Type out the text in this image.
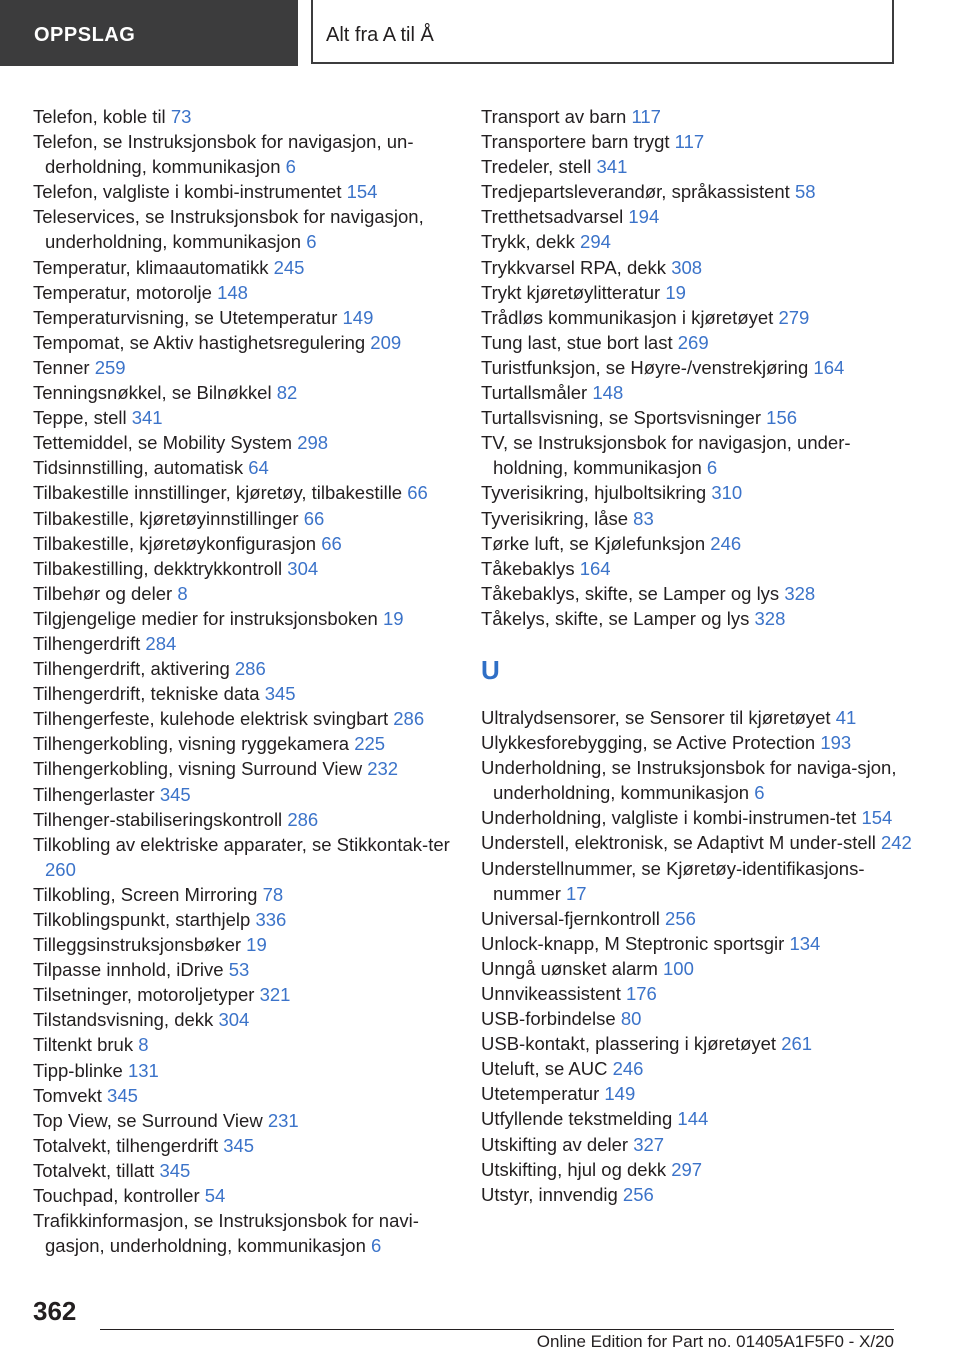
OPPSLAG	Alt fra A til Å
Telefon, koble til 73
Telefon, se Instruksjonsbok for navigasjon, un-derholdning, kommunikasjon 6
Telefon, valgliste i kombi-instrumentet 154
Teleservices, se Instruksjonsbok for navigasjon, underholdning, kommunikasjon 6
Temperatur, klimaautomatikk 245
Temperatur, motorolje 148
Temperaturvisning, se Utetemperatur 149
Tempomat, se Aktiv hastighetsregulering 209
Tenner 259
Tenningsnøkkel, se Bilnøkkel 82
Teppe, stell 341
Tettemiddel, se Mobility System 298
Tidsinnstilling, automatisk 64
Tilbakestille innstillinger, kjøretøy, tilbakestille 66
Tilbakestille, kjøretøyinnstillinger 66
Tilbakestille, kjøretøykonfigurasjon 66
Tilbakestilling, dekktrykkontroll 304
Tilbehør og deler 8
Tilgjengelige medier for instruksjonsboken 19
Tilhengerdrift 284
Tilhengerdrift, aktivering 286
Tilhengerdrift, tekniske data 345
Tilhengerfeste, kulehode elektrisk svingbart 286
Tilhengerkobling, visning ryggekamera 225
Tilhengerkobling, visning Surround View 232
Tilhengerlaster 345
Tilhenger-stabiliseringskontroll 286
Tilkobling av elektriske apparater, se Stikkontak-ter 260
Tilkobling, Screen Mirroring 78
Tilkoblingspunkt, starthjelp 336
Tilleggsinstruksjonsbøker 19
Tilpasse innhold, iDrive 53
Tilsetninger, motoroljetyper 321
Tilstandsvisning, dekk 304
Tiltenkt bruk 8
Tipp-blinke 131
Tomvekt 345
Top View, se Surround View 231
Totalvekt, tilhengerdrift 345
Totalvekt, tillatt 345
Touchpad, kontroller 54
Trafikkinformasjon, se Instruksjonsbok for navi-gasjon, underholdning, kommunikasjon 6
Transport av barn 117
Transportere barn trygt 117
Tredeler, stell 341
Tredjepartsleverandør, språkassistent 58
Tretthetsadvarsel 194
Trykk, dekk 294
Trykkvarsel RPA, dekk 308
Trykt kjøretøylitteratur 19
Trådløs kommunikasjon i kjøretøyet 279
Tung last, stue bort last 269
Turistfunksjon, se Høyre-/venstrekjøring 164
Turtallsmåler 148
Turtallsvisning, se Sportsvisninger 156
TV, se Instruksjonsbok for navigasjon, under-holdning, kommunikasjon 6
Tyverisikring, hjulboltsikring 310
Tyverisikring, låse 83
Tørke luft, se Kjølefunksjon 246
Tåkebaklys 164
Tåkebaklys, skifte, se Lamper og lys 328
Tåkelys, skifte, se Lamper og lys 328
U
Ultralydsensorer, se Sensorer til kjøretøyet 41
Ulykkesforebygging, se Active Protection 193
Underholdning, se Instruksjonsbok for naviga-sjon, underholdning, kommunikasjon 6
Underholdning, valgliste i kombi-instrumen-tet 154
Understell, elektronisk, se Adaptivt M under-stell 242
Understellnummer, se Kjøretøy-identifikasjons-nummer 17
Universal-fjernkontroll 256
Unlock-knapp, M Steptronic sportsgir 134
Unngå uønsket alarm 100
Unnvikeassistent 176
USB-forbindelse 80
USB-kontakt, plassering i kjøretøyet 261
Uteluft, se AUC 246
Utetemperatur 149
Utfyllende tekstmelding 144
Utskifting av deler 327
Utskifting, hjul og dekk 297
Utstyr, innvendig 256
362
Online Edition for Part no. 01405A1F5F0 - X/20
